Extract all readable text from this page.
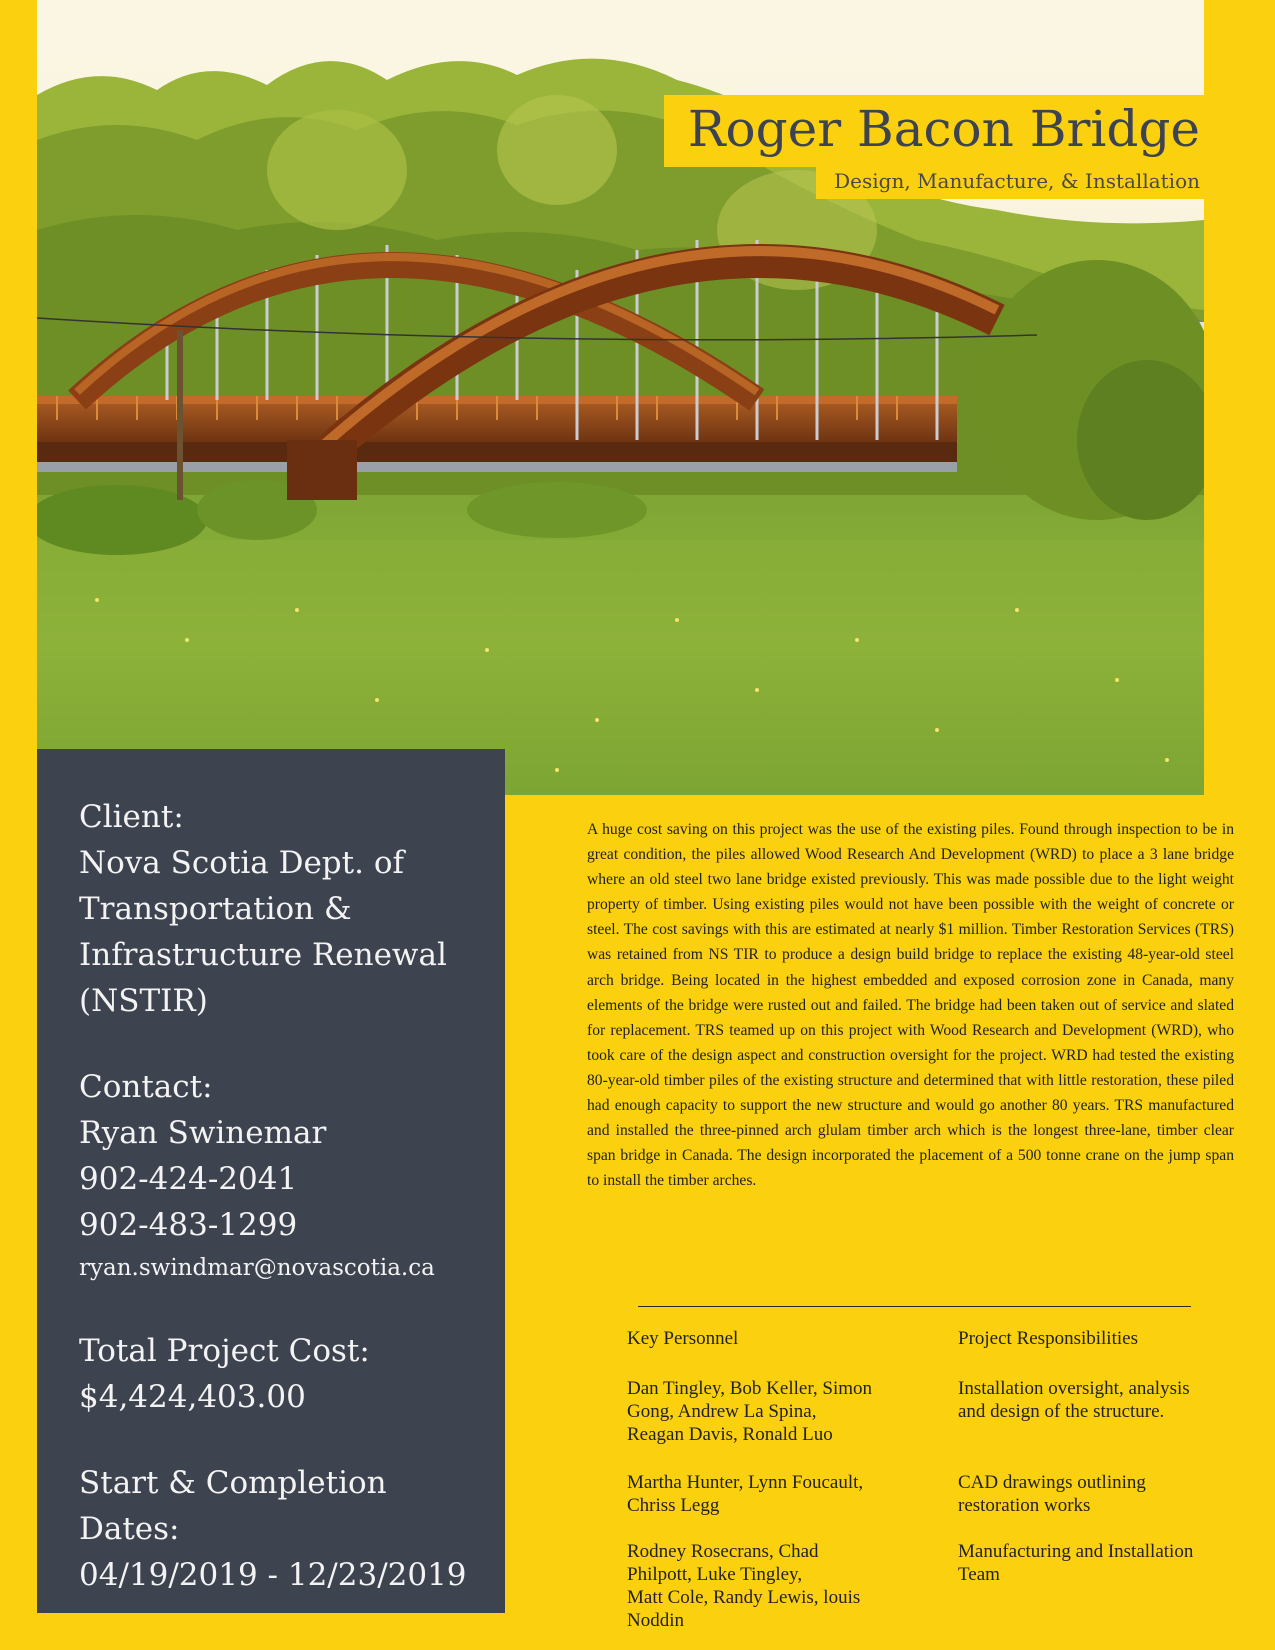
Roger Bacon Bridge
Design, Manufacture, & Installation
Client:
Nova Scotia Dept. of Transportation & Infrastructure Renewal (NSTIR)
Contact:
Ryan Swinemar
902-424-2041
902-483-1299
ryan.swindmar@novascotia.ca
Total Project Cost:
$4,424,403.00
Start & Completion Dates:
04/19/2019 - 12/23/2019
A huge cost saving on this project was the use of the existing piles. Found through inspection to be in great condition, the piles allowed Wood Research And Development (WRD) to place a 3 lane bridge where an old steel two lane bridge existed previously. This was made possible due to the light weight property of timber. Using existing piles would not have been possible with the weight of concrete or steel. The cost savings with this are estimated at nearly $1 million. Timber Restoration Services (TRS) was retained from NS TIR to produce a design build bridge to replace the existing 48-year-old steel arch bridge. Being located in the highest embedded and exposed corrosion zone in Canada, many elements of the bridge were rusted out and failed. The bridge had been taken out of service and slated for replacement. TRS teamed up on this project with Wood Research and Development (WRD), who took care of the design aspect and construction oversight for the project. WRD had tested the existing 80-year-old timber piles of the existing structure and determined that with little restoration, these piled had enough capacity to support the new structure and would go another 80 years. TRS manufactured and installed the three-pinned arch glulam timber arch which is the longest three-lane, timber clear span bridge in Canada. The design incorporated the placement of a 500 tonne crane on the jump span to install the timber arches.
Key Personnel	Project Responsibilities
Dan Tingley, Bob Keller, Simon
Gong, Andrew La Spina,
Reagan Davis, Ronald Luo
Installation oversight, analysis
and design of the structure.
Martha Hunter, Lynn Foucault,
Chriss Legg
CAD drawings outlining
restoration works
Rodney Rosecrans, Chad
Philpott, Luke Tingley,
Matt Cole, Randy Lewis, louis
Noddin
Manufacturing and Installation
Team
